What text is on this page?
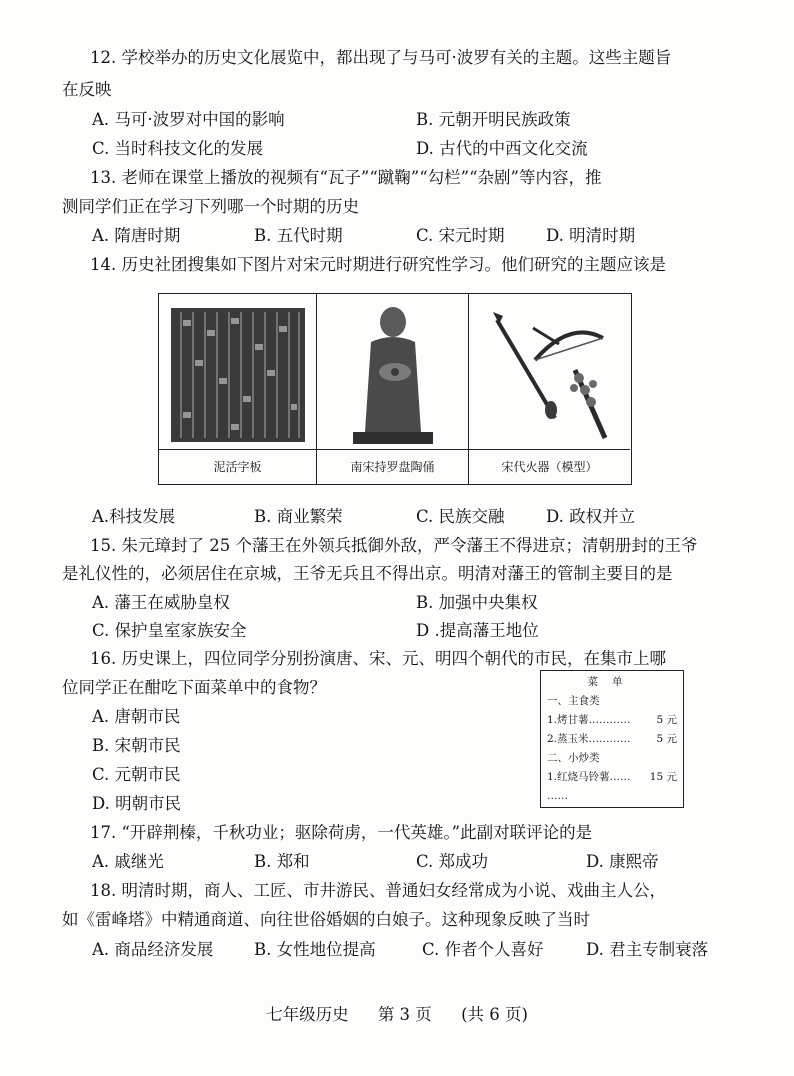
12. 学校举办的历史文化展览中，都出现了与马可·波罗有关的主题。这些主题旨
在反映
A. 马可·波罗对中国的影响	B. 元朝开明民族政策
C. 当时科技文化的发展	D. 古代的中西文化交流
13. 老师在课堂上播放的视频有“瓦子”“蹴鞠”“勾栏”“杂剧”等内容，推
测同学们正在学习下列哪一个时期的历史
A. 隋唐时期	B. 五代时期	C. 宋元时期	D. 明清时期
14. 历史社团搜集如下图片对宋元时期进行研究性学习。他们研究的主题应该是
泥活字板	南宋持罗盘陶俑	宋代火器（模型）
A.科技发展	B. 商业繁荣	C. 民族交融	D. 政权并立
15. 朱元璋封了 25 个藩王在外领兵抵御外敌，严令藩王不得进京；清朝册封的王爷
是礼仪性的，必须居住在京城，王爷无兵且不得出京。明清对藩王的管制主要目的是
A. 藩王在威胁皇权	B. 加强中央集权
C. 保护皇室家族安全	D .提高藩王地位
16. 历史课上，四位同学分别扮演唐、宋、元、明四个朝代的市民，在集市上哪
位同学正在酣吃下面菜单中的食物？
A. 唐朝市民
B. 宋朝市民
C. 元朝市民
D. 明朝市民
菜单
一、主食类
1.烤甘薯………… 5 元
2.蒸玉米………… 5 元
二、小炒类
1.红烧马铃薯…… 15 元
……
17. “开辟荆榛，千秋功业；驱除荷虏，一代英雄。”此副对联评论的是
A. 戚继光	B. 郑和	C. 郑成功	D. 康熙帝
18. 明清时期，商人、工匠、市井游民、普通妇女经常成为小说、戏曲主人公，
如《雷峰塔》中精通商道、向往世俗婚姻的白娘子。这种现象反映了当时
A. 商品经济发展 B. 女性地位提高	C. 作者个人喜好	D. 君主专制衰落
七年级历史 第 3 页 (共 6 页)
